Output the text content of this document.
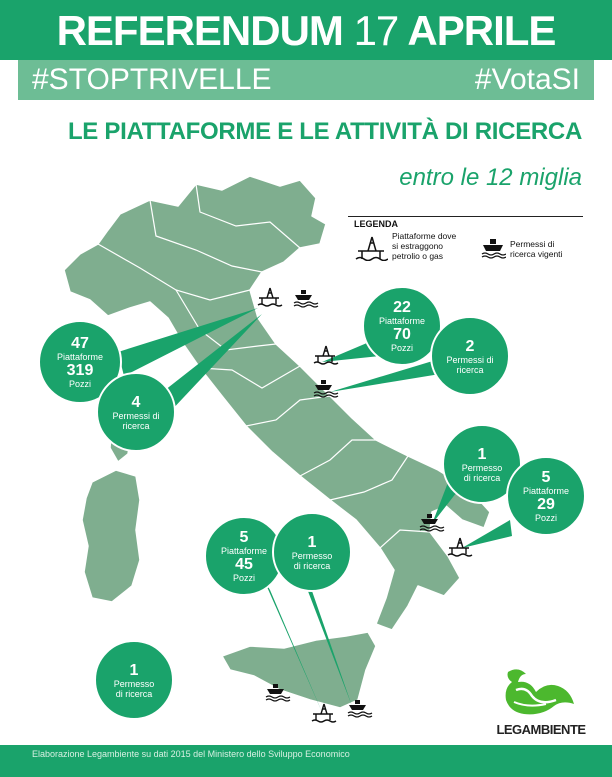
REFERENDUM 17 APRILE
#STOPTRIVELLE	#VotaSI
LE PIATTAFORME E LE ATTIVITÀ DI RICERCA
entro le 12 miglia
LEGENDA
Piattaforme dove si estraggono petrolio o gas
Permessi di ricerca vigenti
47
Piattaforme
319
Pozzi
4
Permessi di ricerca
22
Piattaforme
70
Pozzi	2
Permessi di ricerca
1
Permesso di ricerca	5
Piattaforme
29
Pozzi
5
Piattaforme
45
Pozzi
1
Permesso di ricerca
1
Permesso di ricerca
LEGAMBIENTE
Elaborazione Legambiente su dati 2015 del Ministero dello Sviluppo Economico
